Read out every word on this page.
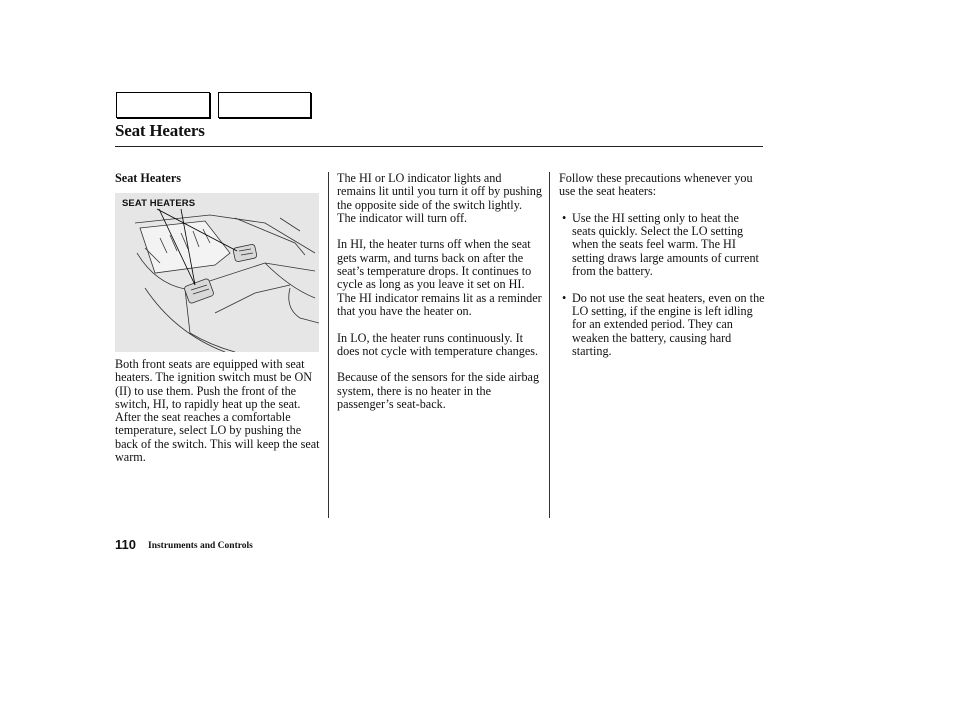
Seat Heaters
Seat Heaters
SEAT HEATERS

Both front seats are equipped with seat heaters. The ignition switch must be ON (II) to use them. Push the front of the switch, HI, to rapidly heat up the seat. After the seat reaches a comfortable temperature, select LO by pushing the back of the switch. This will keep the seat warm.

The HI or LO indicator lights and remains lit until you turn it off by pushing the opposite side of the switch lightly. The indicator will turn off.

In HI, the heater turns off when the seat gets warm, and turns back on after the seat’s temperature drops. It continues to cycle as long as you leave it set on HI. The HI indicator remains lit as a reminder that you have the heater on.

In LO, the heater runs continuously. It does not cycle with temperature changes.

Because of the sensors for the side airbag system, there is no heater in the passenger’s seat-back.

Follow these precautions whenever you use the seat heaters:

• Use the HI setting only to heat the seats quickly. Select the LO setting when the seats feel warm. The HI setting draws large amounts of current from the battery.
• Do not use the seat heaters, even on the LO setting, if the engine is left idling for an extended period. They can weaken the battery, causing hard starting.
110 Instruments and Controls
